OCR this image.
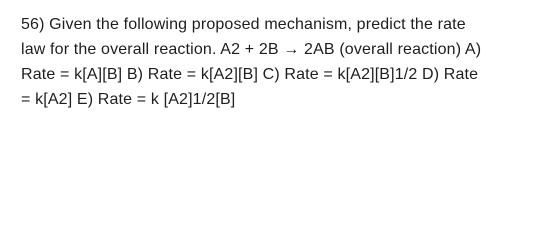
56) Given the following proposed mechanism, predict the rate
law for the overall reaction. A2 + 2B → 2AB (overall reaction) A)
Rate = k[A][B] B) Rate = k[A2][B] C) Rate = k[A2][B]1/2 D) Rate
= k[A2] E) Rate = k [A2]1/2[B]
